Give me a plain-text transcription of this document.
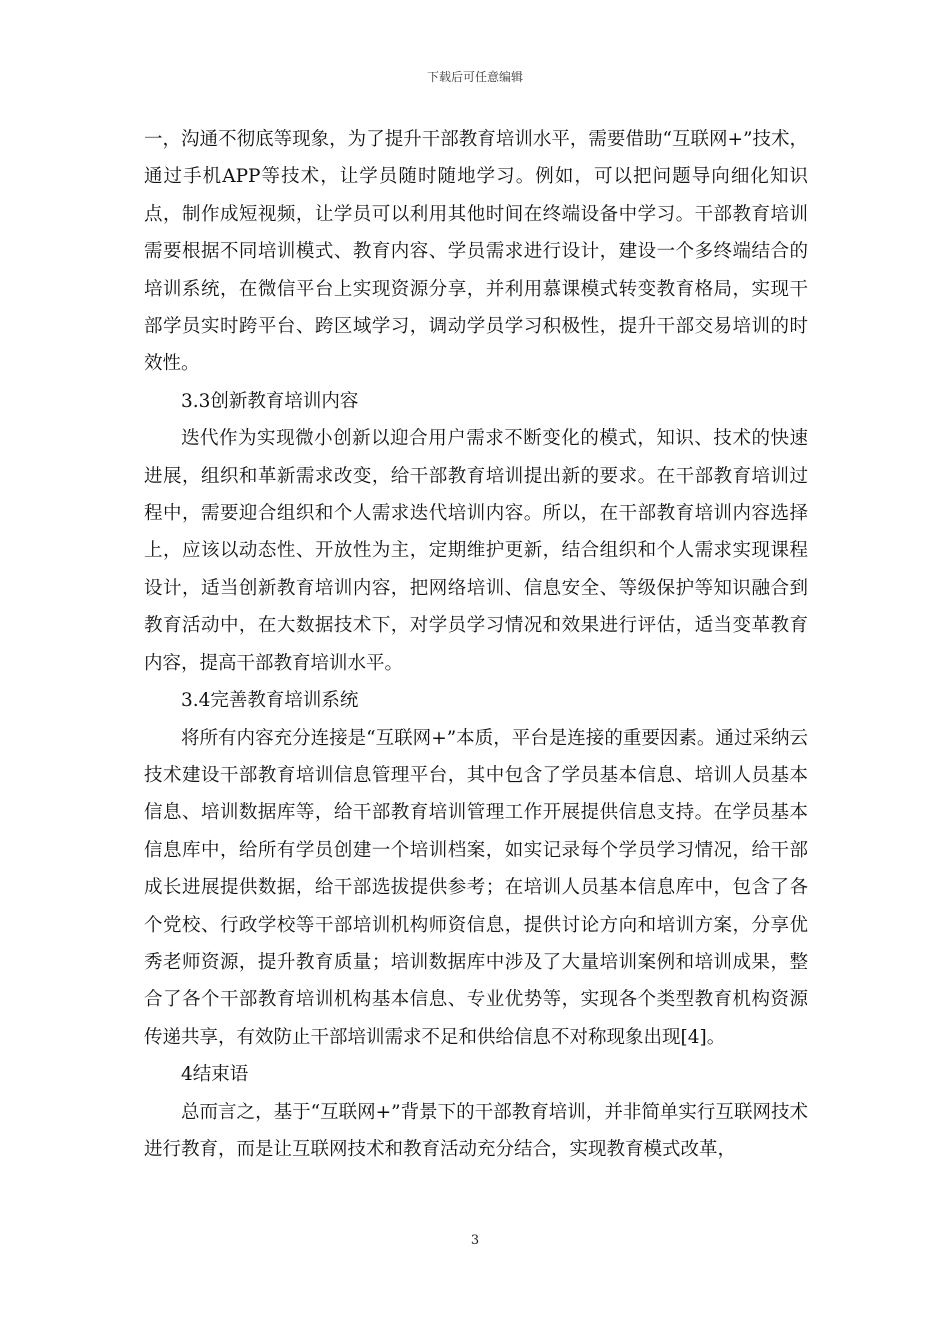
下载后可任意编辑

一，沟通不彻底等现象，为了提升干部教育培训水平，需要借助“互联网+”技术，通过手机APP等技术，让学员随时随地学习。例如，可以把问题导向细化知识点，制作成短视频，让学员可以利用其他时间在终端设备中学习。干部教育培训需要根据不同培训模式、教育内容、学员需求进行设计，建设一个多终端结合的培训系统，在微信平台上实现资源分享，并利用慕课模式转变教育格局，实现干部学员实时跨平台、跨区域学习，调动学员学习积极性，提升干部交易培训的时效性。

3.3创新教育培训内容

迭代作为实现微小创新以迎合用户需求不断变化的模式，知识、技术的快速进展，组织和革新需求改变，给干部教育培训提出新的要求。在干部教育培训过程中，需要迎合组织和个人需求迭代培训内容。所以，在干部教育培训内容选择上，应该以动态性、开放性为主，定期维护更新，结合组织和个人需求实现课程设计，适当创新教育培训内容，把网络培训、信息安全、等级保护等知识融合到教育活动中，在大数据技术下，对学员学习情况和效果进行评估，适当变革教育内容，提高干部教育培训水平。

3.4完善教育培训系统

将所有内容充分连接是“互联网+”本质，平台是连接的重要因素。通过采纳云技术建设干部教育培训信息管理平台，其中包含了学员基本信息、培训人员基本信息、培训数据库等，给干部教育培训管理工作开展提供信息支持。在学员基本信息库中，给所有学员创建一个培训档案，如实记录每个学员学习情况，给干部成长进展提供数据，给干部选拔提供参考；在培训人员基本信息库中，包含了各个党校、行政学校等干部培训机构师资信息，提供讨论方向和培训方案，分享优秀老师资源，提升教育质量；培训数据库中涉及了大量培训案例和培训成果，整合了各个干部教育培训机构基本信息、专业优势等，实现各个类型教育机构资源传递共享，有效防止干部培训需求不足和供给信息不对称现象出现[4]。

4结束语

总而言之，基于“互联网+”背景下的干部教育培训，并非简单实行互联网技术进行教育，而是让互联网技术和教育活动充分结合，实现教育模式改革，

3
